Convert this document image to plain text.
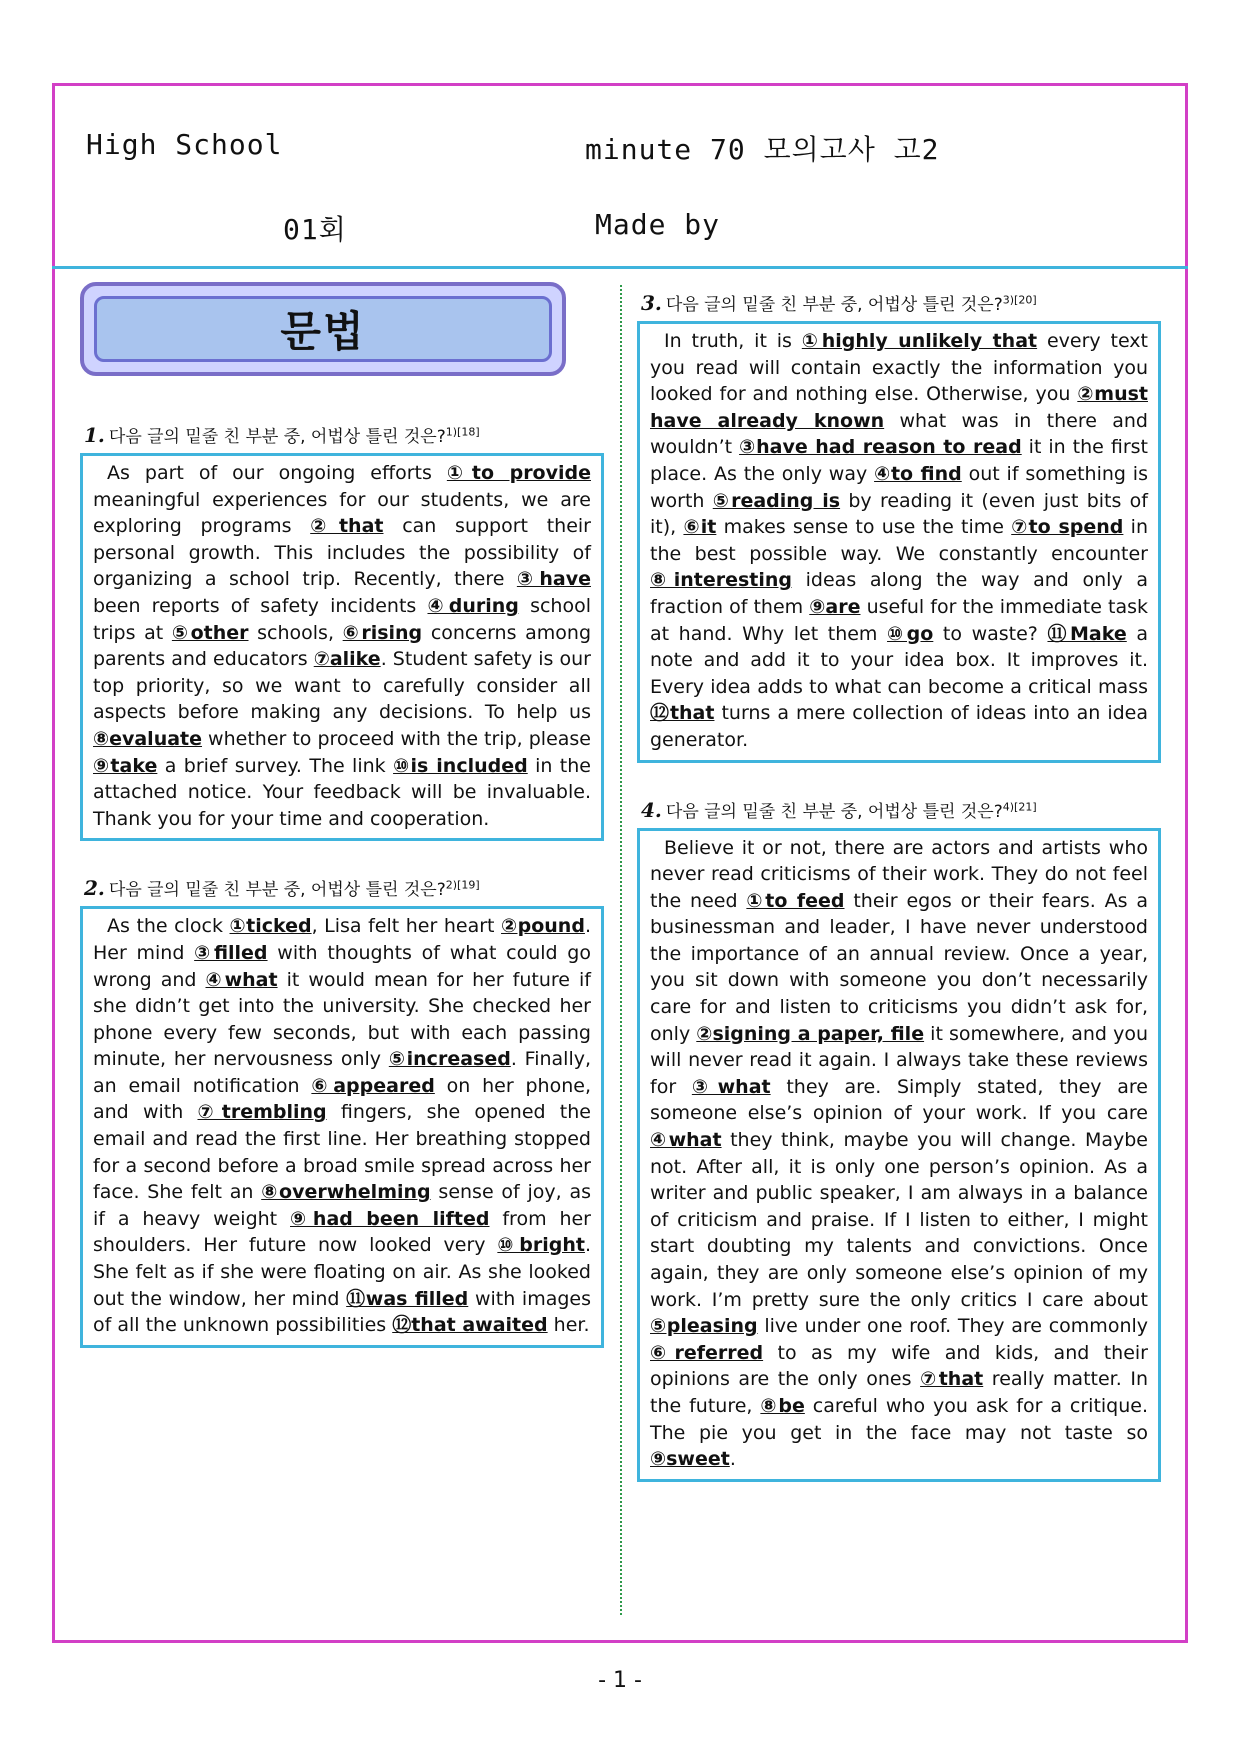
High School	minute 70 모의고사 고2
01회	Made by
문법
1. 다음 글의 밑줄 친 부분 중, 어법상 틀린 것은?$^{1)[18]}$

As part of our ongoing efforts ①to provide meaningful experiences for our students, we are exploring programs ②that can support their personal growth. This includes the possibility of organizing a school trip. Recently, there ③have been reports of safety incidents ④during school trips at ⑤other schools, ⑥rising concerns among parents and educators ⑦alike. Student safety is our top priority, so we want to carefully consider all aspects before making any decisions. To help us ⑧evaluate whether to proceed with the trip, please ⑨take a brief survey. The link ⑩is included in the attached notice. Your feedback will be invaluable. Thank you for your time and cooperation.

2. 다음 글의 밑줄 친 부분 중, 어법상 틀린 것은?$^{2)[19]}$

As the clock ①ticked, Lisa felt her heart ②pound. Her mind ③filled with thoughts of what could go wrong and ④what it would mean for her future if she didn’t get into the university. She checked her phone every few seconds, but with each passing minute, her nervousness only ⑤increased. Finally, an email notification ⑥appeared on her phone, and with ⑦trembling fingers, she opened the email and read the first line. Her breathing stopped for a second before a broad smile spread across her face. She felt an ⑧overwhelming sense of joy, as if a heavy weight ⑨had been lifted from her shoulders. Her future now looked very ⑩bright. She felt as if she were floating on air. As she looked out the window, her mind ⑪was filled with images of all the unknown possibilities ⑫that awaited her.

3. 다음 글의 밑줄 친 부분 중, 어법상 틀린 것은?$^{3)[20]}$

In truth, it is ①highly unlikely that every text you read will contain exactly the information you looked for and nothing else. Otherwise, you ②must have already known what was in there and wouldn’t ③have had reason to read it in the first place. As the only way ④to find out if something is worth ⑤reading is by reading it (even just bits of it), ⑥it makes sense to use the time ⑦to spend in the best possible way. We constantly encounter ⑧interesting ideas along the way and only a fraction of them ⑨are useful for the immediate task at hand. Why let them ⑩go to waste? ⑪Make a note and add it to your idea box. It improves it. Every idea adds to what can become a critical mass ⑫that turns a mere collection of ideas into an idea generator.

4. 다음 글의 밑줄 친 부분 중, 어법상 틀린 것은?$^{4)[21]}$

Believe it or not, there are actors and artists who never read criticisms of their work. They do not feel the need ①to feed their egos or their fears. As a businessman and leader, I have never understood the importance of an annual review. Once a year, you sit down with someone you don’t necessarily care for and listen to criticisms you didn’t ask for, only ②signing a paper, file it somewhere, and you will never read it again. I always take these reviews for ③what they are. Simply stated, they are someone else’s opinion of your work. If you care ④what they think, maybe you will change. Maybe not. After all, it is only one person’s opinion. As a writer and public speaker, I am always in a balance of criticism and praise. If I listen to either, I might start doubting my talents and convictions. Once again, they are only someone else’s opinion of my work. I’m pretty sure the only critics I care about ⑤pleasing live under one roof. They are commonly ⑥referred to as my wife and kids, and their opinions are the only ones ⑦that really matter. In the future, ⑧be careful who you ask for a critique. The pie you get in the face may not taste so ⑨sweet.

- 1 -
